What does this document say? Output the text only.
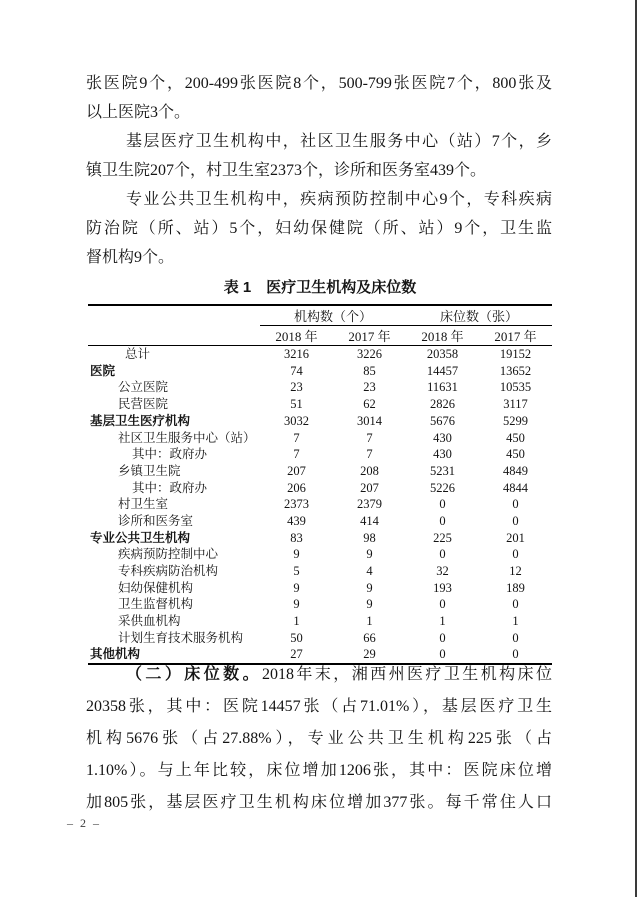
张医院9个，200-499张医院8个，500-799张医院7个，800张及
以上医院3个。
基层医疗卫生机构中，社区卫生服务中心（站）7个，乡
镇卫生院207个，村卫生室2373个，诊所和医务室439个。
专业公共卫生机构中，疾病预防控制中心9个，专科疾病
防治院（所、站）5个，妇幼保健院（所、站）9个，卫生监
督机构9个。
表 1　医疗卫生机构及床位数
	机构数（个）		床位数（张）	
	2018 年	2017 年	2018 年	2017 年
总计	3216	3226	20358	19152
医院	74	85	14457	13652
公立医院	23	23	11631	10535
民营医院	51	62	2826	3117
基层卫生医疗机构	3032	3014	5676	5299
社区卫生服务中心（站）	7	7	430	450
其中：政府办	7	7	430	450
乡镇卫生院	207	208	5231	4849
其中：政府办	206	207	5226	4844
村卫生室	2373	2379	0	0
诊所和医务室	439	414	0	0
专业公共卫生机构	83	98	225	201
疾病预防控制中心	9	9	0	0
专科疾病防治机构	5	4	32	12
妇幼保健机构	9	9	193	189
卫生监督机构	9	9	0	0
采供血机构	1	1	1	1
计划生育技术服务机构	50	66	0	0
其他机构	27	29	0	0
（二）床位数。2018年末，湘西州医疗卫生机构床位
20358张，其中：医院14457张（占71.01%），基层医疗卫生
机构5676张（占27.88%），专业公共卫生机构225张（占
1.10%）。与上年比较，床位增加1206张，其中：医院床位增
加805张，基层医疗卫生机构床位增加377张。每千常住人口
– 2 –
